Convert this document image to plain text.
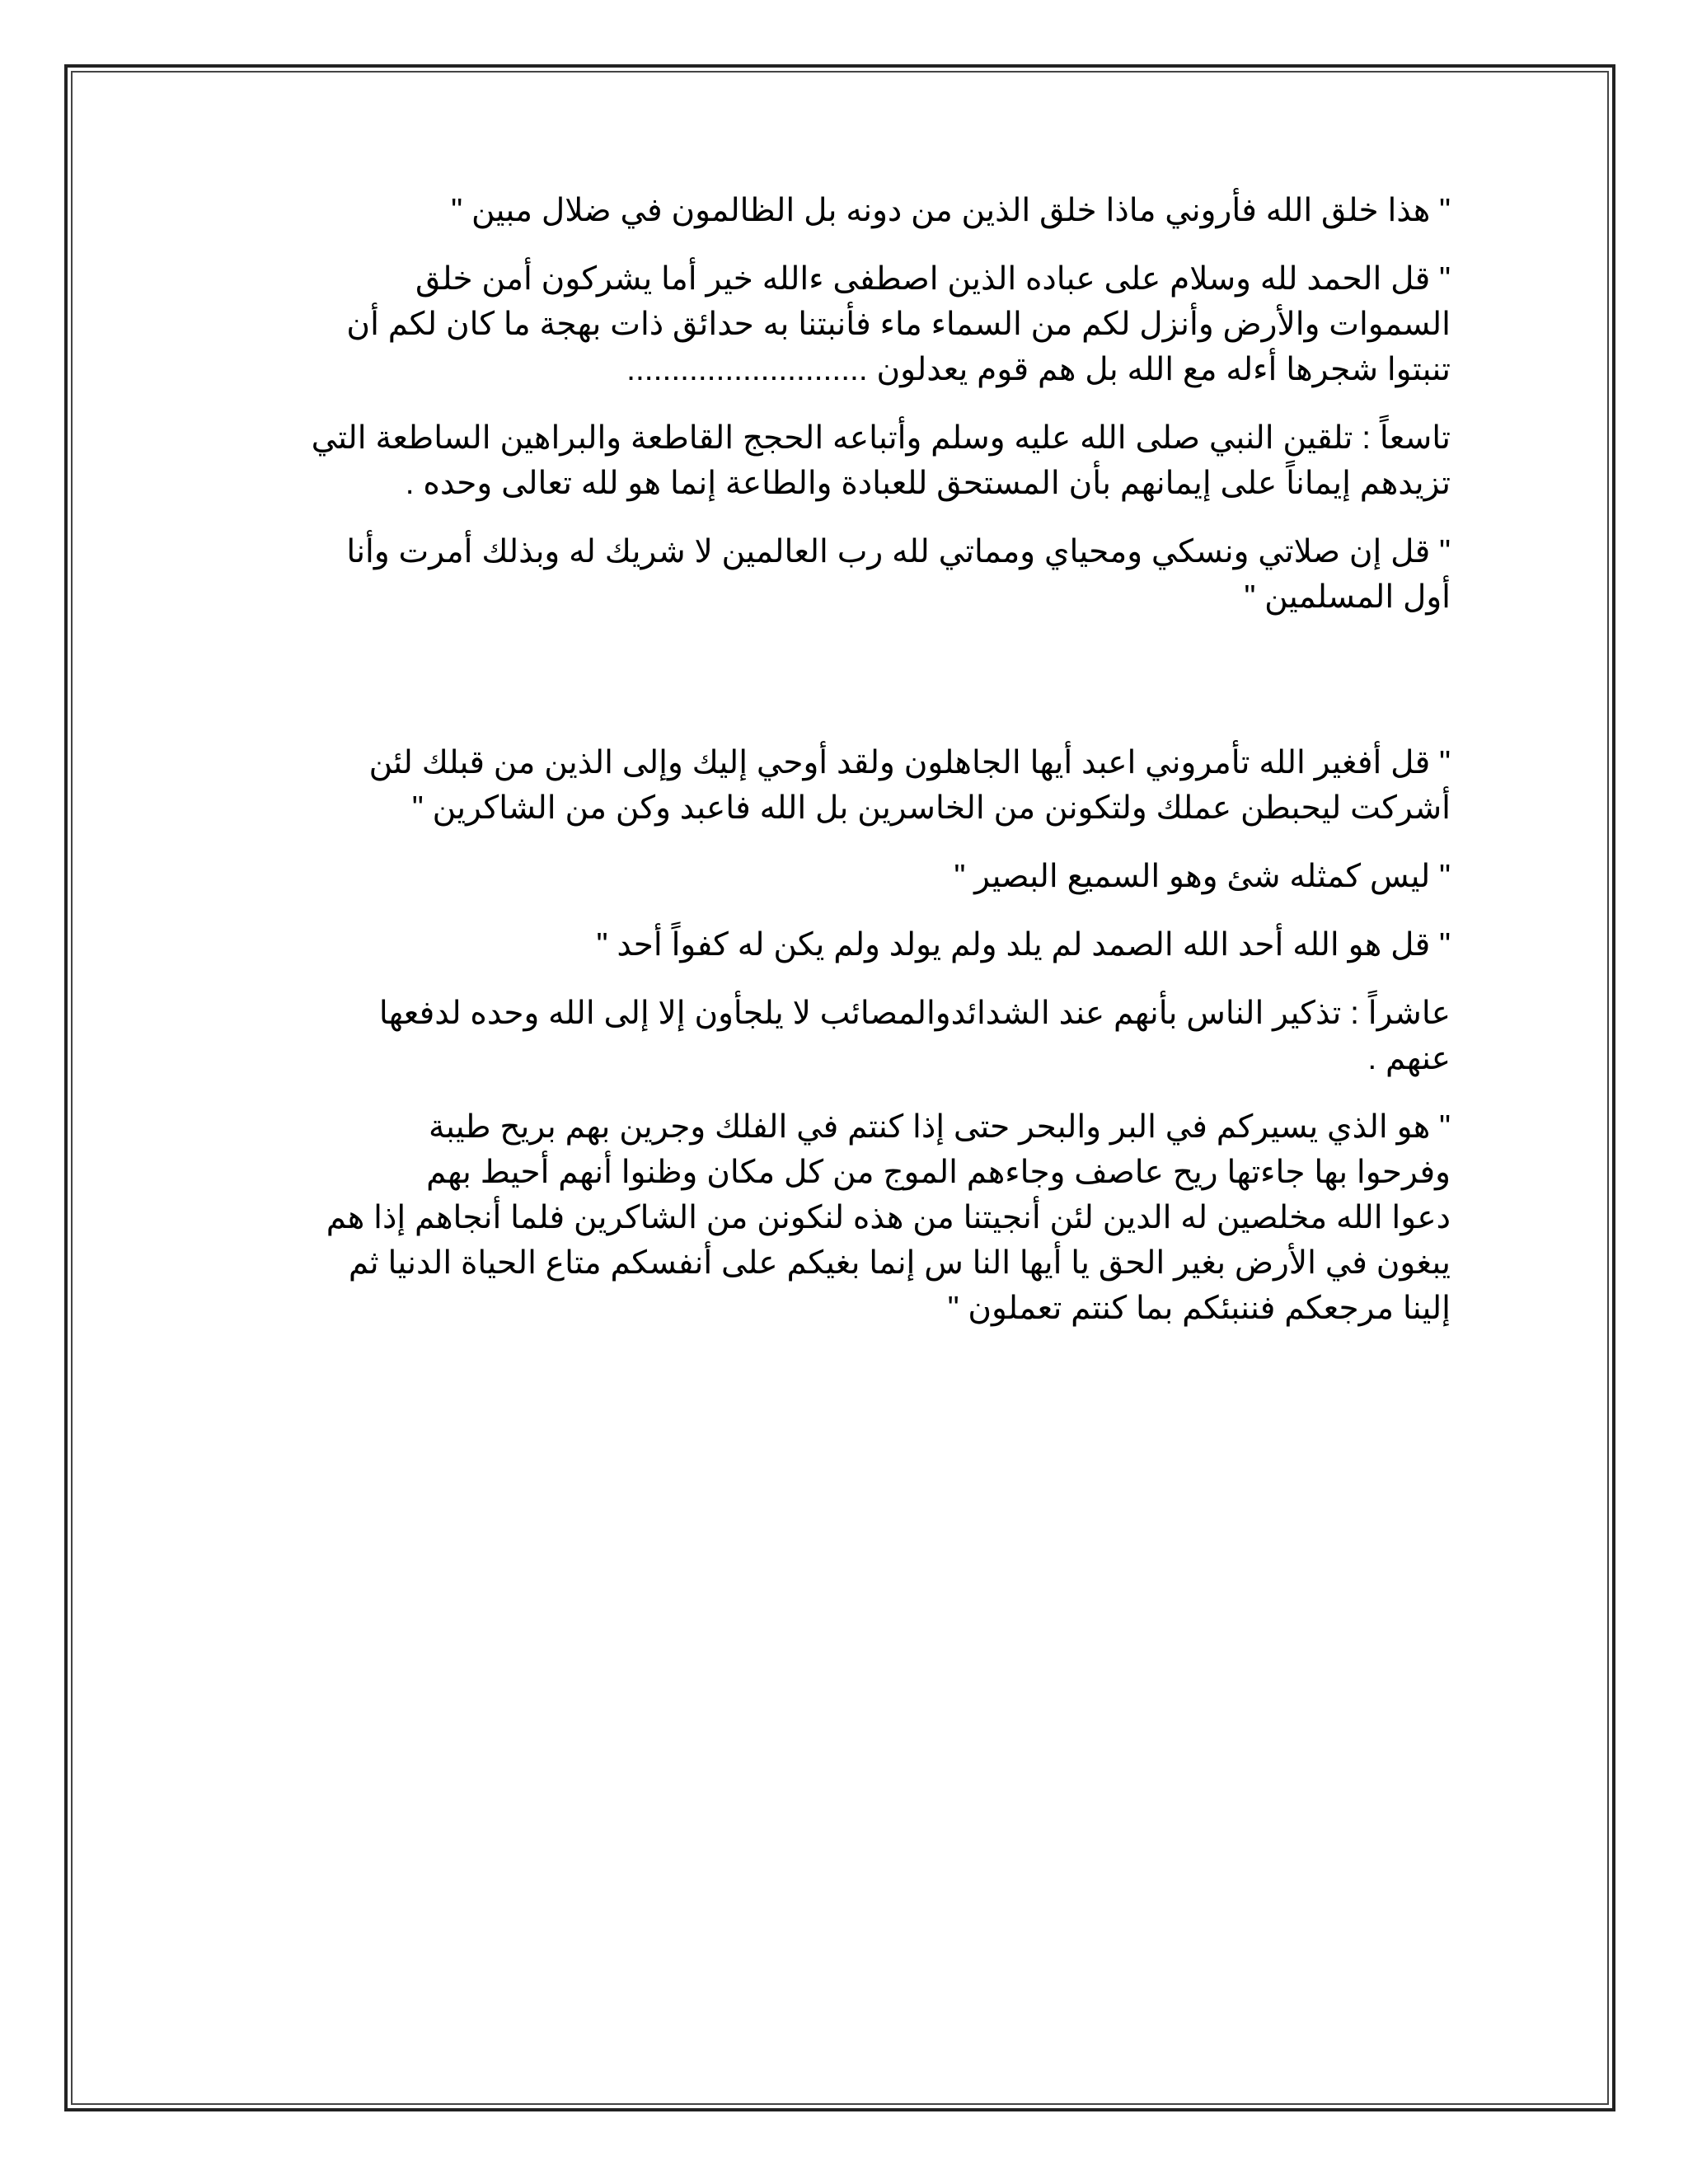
" هذا خلق الله فأروني ماذا خلق الذين من دونه بل الظالمون في ضلال مبين "

" قل الحمد لله وسلام على عباده الذين اصطفى ءالله خير أما يشركون أمن خلق
السموات والأرض وأنزل لكم من السماء ماء فأنبتنا به حدائق ذات بهجة ما كان لكم أن
تنبتوا شجرها أءله مع الله بل هم قوم يعدلون ...........................

تاسعاً : تلقين النبي صلى الله عليه وسلم وأتباعه الحجج القاطعة والبراهين الساطعة التي
تزيدهم إيماناً على إيمانهم بأن المستحق للعبادة والطاعة إنما هو لله تعالى وحده .

" قل إن صلاتي ونسكي ومحياي ومماتي لله رب العالمين لا شريك له وبذلك أمرت وأنا
أول المسلمين "

" قل أفغير الله تأمروني اعبد أيها الجاهلون ولقد أوحي إليك وإلى الذين من قبلك لئن
أشركت ليحبطن عملك ولتكونن من الخاسرين بل الله فاعبد وكن من الشاكرين "

" ليس كمثله شئ وهو السميع البصير "

" قل هو الله أحد الله الصمد لم يلد ولم يولد ولم يكن له كفواً أحد "

عاشراً : تذكير الناس بأنهم عند الشدائدوالمصائب لا يلجأون إلا إلى الله وحده لدفعها
عنهم .

" هو الذي يسيركم في البر والبحر حتى إذا كنتم في الفلك وجرين بهم بريح طيبة
وفرحوا بها جاءتها ريح عاصف وجاءهم الموج من كل مكان وظنوا أنهم أحيط بهم
دعوا الله مخلصين له الدين لئن أنجيتنا من هذه لنكونن من الشاكرين فلما أنجاهم إذا هم
يبغون في الأرض بغير الحق يا أيها النا س إنما بغيكم على أنفسكم متاع الحياة الدنيا ثم
إلينا مرجعكم فننبئكم بما كنتم تعملون "
